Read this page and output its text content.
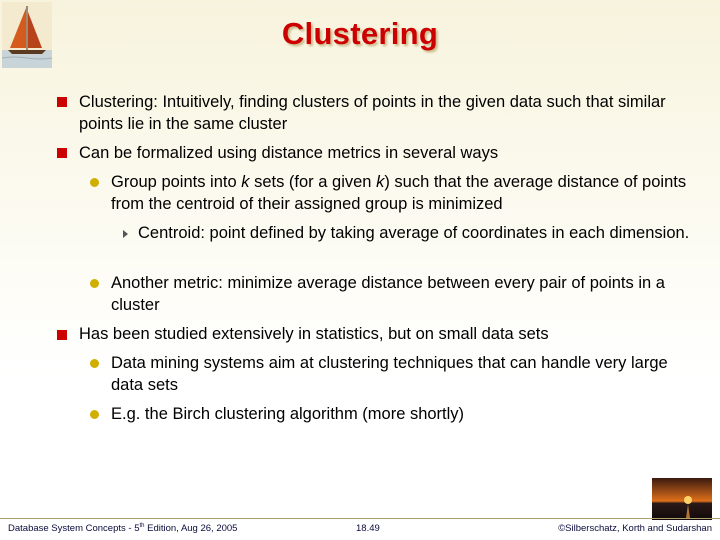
Clustering
Clustering: Intuitively, finding clusters of points in the given data such that similar points lie in the same cluster
Can be formalized using distance metrics in several ways
Group points into k sets (for a given k) such that the average distance of points from the centroid of their assigned group is minimized
Centroid: point defined by taking average of coordinates in each dimension.
Another metric: minimize average distance between every pair of points in a cluster
Has been studied extensively in statistics, but on small data sets
Data mining systems aim at clustering techniques that can handle very large data sets
E.g. the Birch clustering algorithm (more shortly)
Database System Concepts - 5th Edition, Aug 26, 2005	18.49	©Silberschatz, Korth and Sudarshan
